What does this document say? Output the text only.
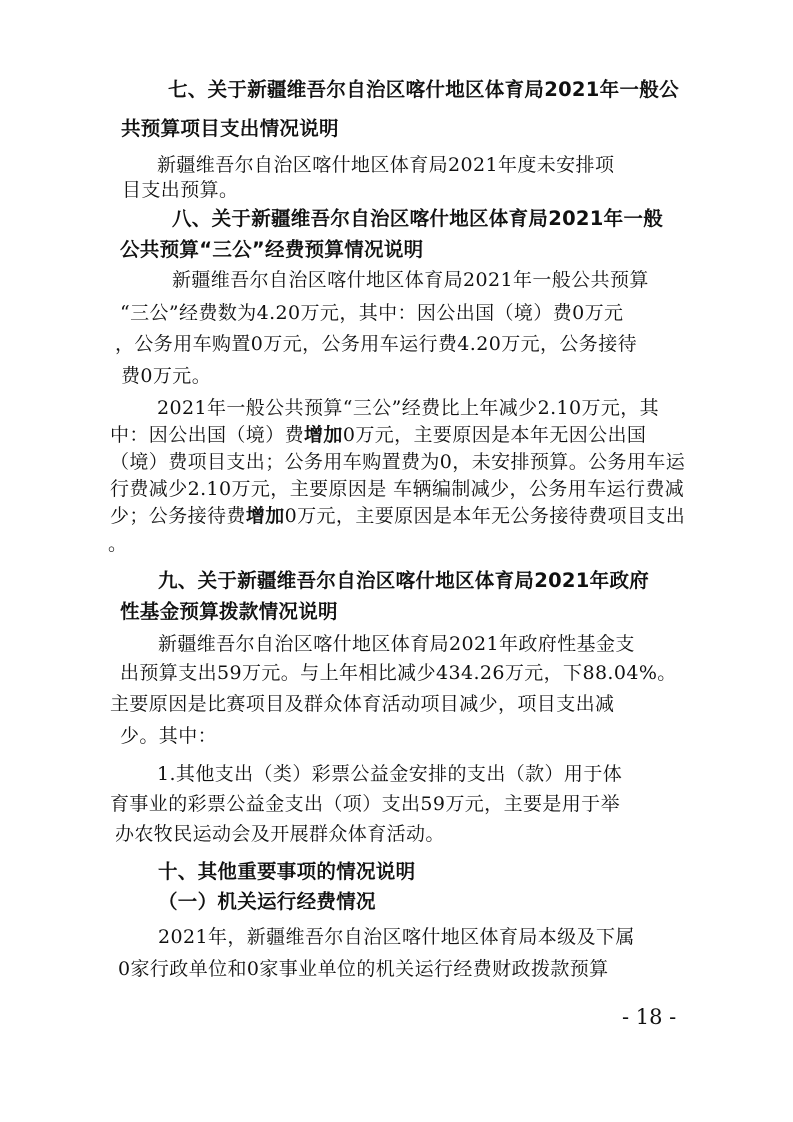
七、关于新疆维吾尔自治区喀什地区体育局2021年一般公
共预算项目支出情况说明
新疆维吾尔自治区喀什地区体育局2021年度未安排项
目支出预算。
八、关于新疆维吾尔自治区喀什地区体育局2021年一般
公共预算“三公”经费预算情况说明
新疆维吾尔自治区喀什地区体育局2021年一般公共预算
“三公”经费数为4.20万元，其中：因公出国（境）费0万元
，公务用车购置0万元，公务用车运行费4.20万元，公务接待
费0万元。
2021年一般公共预算“三公”经费比上年减少2.10万元，其
中：因公出国（境）费增加0万元，主要原因是本年无因公出国
（境）费项目支出；公务用车购置费为0，未安排预算。公务用车运
行费减少2.10万元，主要原因是 车辆编制减少，公务用车运行费减
少；公务接待费增加0万元，主要原因是本年无公务接待费项目支出
。
九、关于新疆维吾尔自治区喀什地区体育局2021年政府
性基金预算拨款情况说明
新疆维吾尔自治区喀什地区体育局2021年政府性基金支
出预算支出59万元。与上年相比减少434.26万元，下88.04%。
主要原因是比赛项目及群众体育活动项目减少，项目支出减
少。其中：
1.其他支出（类）彩票公益金安排的支出（款）用于体
育事业的彩票公益金支出（项）支出59万元，主要是用于举
办农牧民运动会及开展群众体育活动。
十、其他重要事项的情况说明
（一）机关运行经费情况
2021年，新疆维吾尔自治区喀什地区体育局本级及下属
0家行政单位和0家事业单位的机关运行经费财政拨款预算
- 18 -
